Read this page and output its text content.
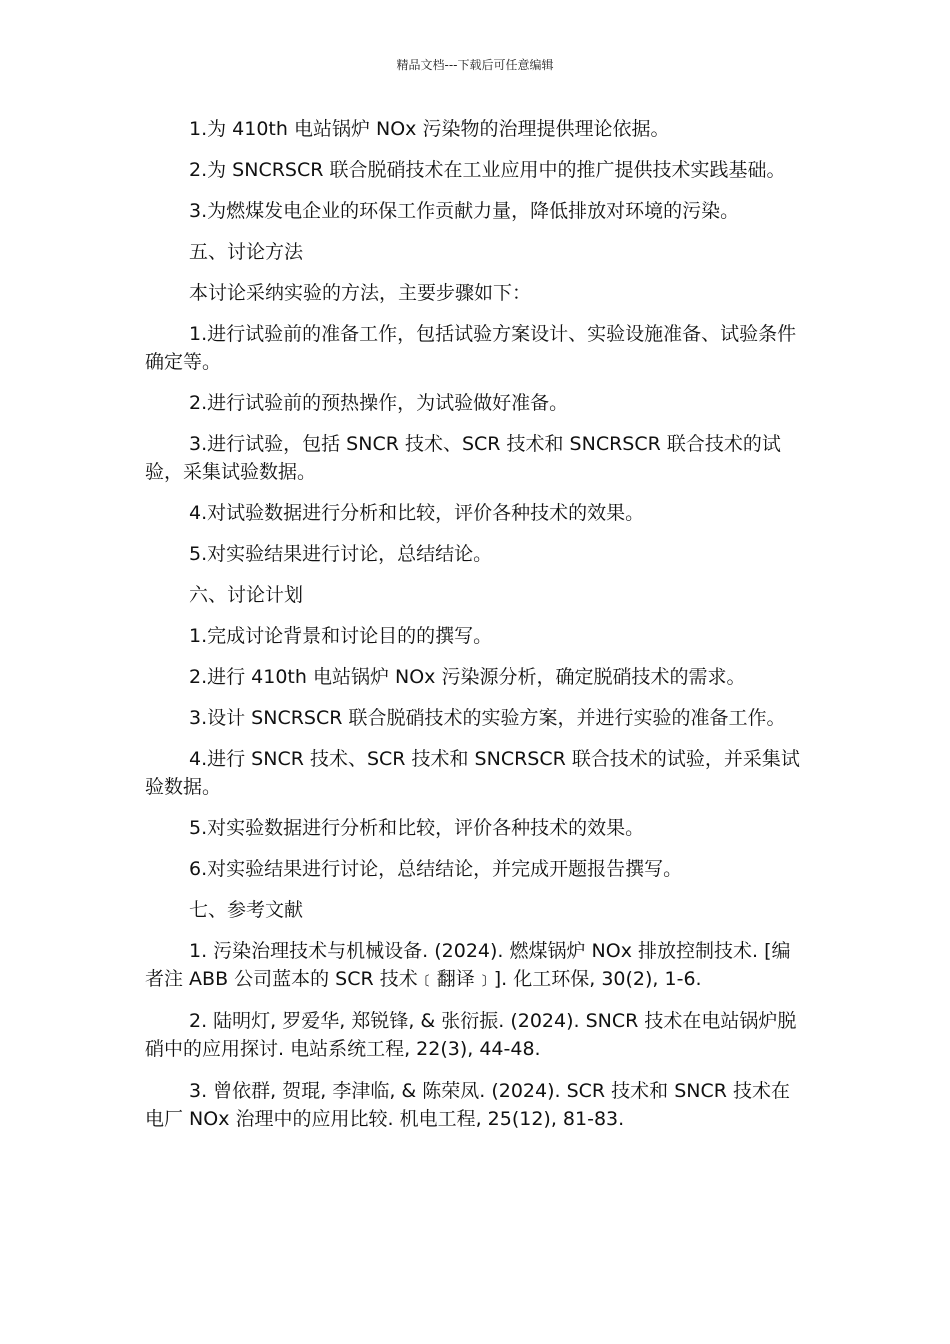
精品文档---下载后可任意编辑

1.为 410th 电站锅炉 NOx 污染物的治理提供理论依据。

2.为 SNCRSCR 联合脱硝技术在工业应用中的推广提供技术实践基础。

3.为燃煤发电企业的环保工作贡献力量，降低排放对环境的污染。

五、讨论方法

本讨论采纳实验的方法，主要步骤如下：

1.进行试验前的准备工作，包括试验方案设计、实验设施准备、试验条件确定等。

2.进行试验前的预热操作，为试验做好准备。

3.进行试验，包括 SNCR 技术、SCR 技术和 SNCRSCR 联合技术的试验，采集试验数据。

4.对试验数据进行分析和比较，评价各种技术的效果。

5.对实验结果进行讨论，总结结论。

六、讨论计划

1.完成讨论背景和讨论目的的撰写。

2.进行 410th 电站锅炉 NOx 污染源分析，确定脱硝技术的需求。

3.设计 SNCRSCR 联合脱硝技术的实验方案，并进行实验的准备工作。

4.进行 SNCR 技术、SCR 技术和 SNCRSCR 联合技术的试验，并采集试验数据。

5.对实验数据进行分析和比较，评价各种技术的效果。

6.对实验结果进行讨论，总结结论，并完成开题报告撰写。

七、参考文献

1. 污染治理技术与机械设备. (2024). 燃煤锅炉 NOx 排放控制技术. [编者注 ABB 公司蓝本的 SCR 技术﹝翻译﹞]. 化工环保, 30(2), 1-6.

2. 陆明灯, 罗爱华, 郑锐锋, & 张衍振. (2024). SNCR 技术在电站锅炉脱硝中的应用探讨. 电站系统工程, 22(3), 44-48.

3. 曾依群, 贺琨, 李津临, & 陈荣凤. (2024). SCR 技术和 SNCR 技术在电厂 NOx 治理中的应用比较. 机电工程, 25(12), 81-83.
